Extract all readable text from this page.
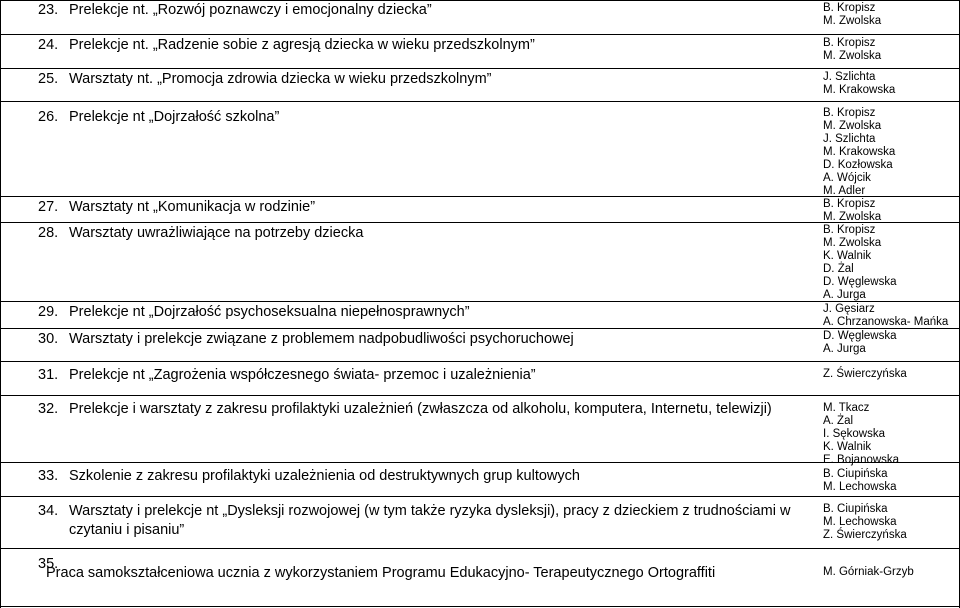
23. Prelekcje nt. „Rozwój poznawczy i emocjonalny dziecka”	B. Kropisz
M. Zwolska
24. Prelekcje nt. „Radzenie sobie z agresją dziecka w wieku przedszkolnym”	B. Kropisz
M. Zwolska
25. Warsztaty nt. „Promocja zdrowia dziecka w wieku przedszkolnym”	J. Szlichta
M. Krakowska
26. Prelekcje nt „Dojrzałość szkolna”	B. Kropisz
M. Zwolska
J. Szlichta
M. Krakowska
D. Kozłowska
A. Wójcik
M. Adler
27. Warsztaty nt „Komunikacja w rodzinie”	B. Kropisz
M. Zwolska
28. Warsztaty uwrażliwiające na potrzeby dziecka	B. Kropisz
M. Zwolska
K. Walnik
D. Żal
D. Węglewska
A. Jurga
29. Prelekcje nt „Dojrzałość psychoseksualna niepełnosprawnych”	J. Gęsiarz
A. Chrzanowska- Mańka
30. Warsztaty i prelekcje związane z problemem nadpobudliwości psychoruchowej	D. Węglewska
A. Jurga
31. Prelekcje nt „Zagrożenia współczesnego świata- przemoc i uzależnienia”	Z. Świerczyńska
32. Prelekcje i warsztaty z zakresu profilaktyki uzależnień (zwłaszcza od alkoholu, komputera, Internetu, telewizji)	M. Tkacz
A. Żal
I. Sękowska
K. Walnik
E. Bojanowska
33. Szkolenie z zakresu profilaktyki uzależnienia od destruktywnych grup kultowych	B. Ciupińska
M. Lechowska
34. Warsztaty i prelekcje nt „Dysleksji rozwojowej (w tym także ryzyka dysleksji), pracy z dzieckiem z trudnościami w czytaniu i pisaniu”
B. Ciupińska
M. Lechowska
Z. Świerczyńska
35.
Praca samokształceniowa ucznia z wykorzystaniem Programu Edukacyjno- Terapeutycznego Ortograffiti	M. Górniak-Grzyb
